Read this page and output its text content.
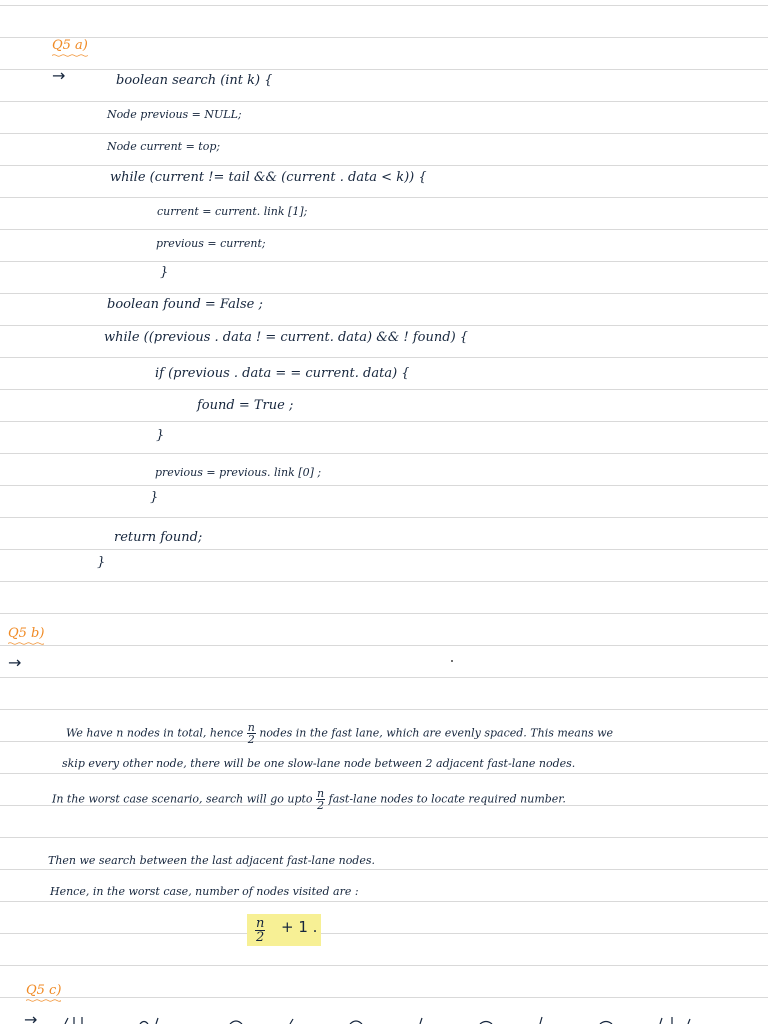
Q5 a)
→	boolean search (int k) {
Node previous = NULL;
Node current = top;
while (current != tail && (current . data < k)) {
current = current. link [1];
previous = current;
}
boolean found = False ;
while ((previous . data ! = current. data) && ! found) {
if (previous . data = = current. data) {
found = True ;
}
previous = previous. link [0] ;
}
return found;
}
Q5 b)
→
We have n nodes in total, hence $\frac{n}{2}$ nodes in the fast lane, which are evenly spaced. This means we
skip every other node, there will be one slow-lane node between 2 adjacent fast-lane nodes.
In the worst case scenario, search will go upto $\frac{n}{2}$ fast-lane nodes to locate required number.
Then we search between the last adjacent fast-lane nodes.
Hence, in the worst case, number of nodes visited are :
$\frac{n}{2} + 1$ .
Q5 c)
→
